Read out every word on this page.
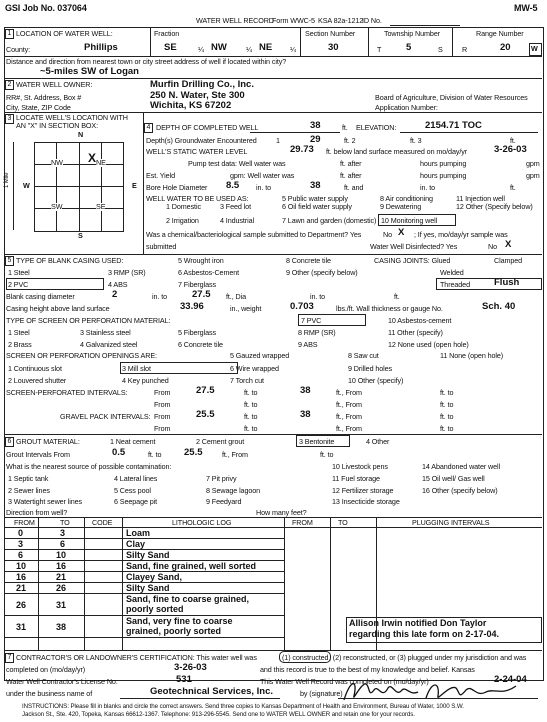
GSI Job No. 037064	MW-5
WATER WELL RECORD
Form WWC-5 KSA 82a-1212
ID No.
1 LOCATION OF WATER WELL:	Fraction	Section Number	Township Number	Range Number
County:	Phillips	SE	¼ NW	¼ NE ¼	30	T	5	S	R	20	W
Distance and direction from nearest town or city street address of well if located within city?
~5-miles SW of Logan
2 WATER WELL OWNER:	Murfin Drilling Co., Inc.
RR#, St. Address, Box #	250 N. Water, Ste 300
City, State, ZIP Code	Wichita, KS 67202
Board of Agriculture, Division of Water Resources
Application Number:
3 LOCATE WELL'S LOCATION WITH
AN "X" IN SECTION BOX:
N
S
W	E
1 Mile
NW	NE
SW	SE
X
4 DEPTH OF COMPLETED WELL	38	ft. ELEVATION:	2154.71 TOC
Depth(s) Groundwater Encountered	1	29	ft. 2	ft. 3	ft.
WELL'S STATIC WATER LEVEL	29.73 ft. below land surface measured on mo/day/yr	3-26-03
Pump test data: Well water was	ft. after	hours pumping	gpm
Est. Yield	gpm: Well water was	ft. after	hours pumping	gpm
Bore Hole Diameter 8.5 in. to	38	ft. and	in. to	ft.
WELL WATER TO BE USED AS:	5 Public water supply	8 Air conditioning	11 Injection well
1 Domestic	3 Feed lot	6 Oil field water supply	9 Dewatering	12 Other (Specify below)
2 Irrigation	4 Industrial	7 Lawn and garden (domestic) 10 Monitoring well
Was a chemical/bacteriological sample submitted to Department? Yes	No X ; If yes, mo/day/yr sample was
submitted	Water Well Disinfected? Yes	No X
5 TYPE OF BLANK CASING USED:	5 Wrought iron	8 Concrete tile	CASING JOINTS: Glued	Clamped
1 Steel	3 RMP (SR)	6 Asbestos-Cement	9 Other (specify below)	Welded
2 PVC	4 ABS	7 Fiberglass	Threaded	Flush
Blank casing diameter	2	in. to	27.5 ft., Dia	in. to	ft.
Casing height above land surface	33.96	in., weight	0.703	lbs./ft. Wall thickness or gauge No.	Sch. 40
TYPE OF SCREEN OR PERFORATION MATERIAL:	7 PVC	10 Asbestos-cement
1 Steel	3 Stainless steel	5 Fiberglass	8 RMP (SR)	11 Other (specify)
2 Brass	4 Galvanized steel	6 Concrete tile	9 ABS	12 None used (open hole)
SCREEN OR PERFORATION OPENINGS ARE:	5 Gauzed wrapped	8 Saw cut	11 None (open hole)
1 Continuous slot	3 Mill slot	6 Wire wrapped	9 Drilled holes
2 Louvered shutter	4 Key punched	7 Torch cut	10 Other (specify)
SCREEN-PERFORATED INTERVALS:	From	27.5	ft. to	38	ft., From	ft. to
From	ft. to	ft., From	ft. to
GRAVEL PACK INTERVALS: From	25.5	ft. to	38	ft., From	ft. to
From	ft. to	ft., From	ft. to
6 GROUT MATERIAL:	1 Neat cement	2 Cement grout	3 Bentonite	4 Other
Grout Intervals From	0.5	ft. to 25.5	ft., From	ft. to
What is the nearest source of possible contamination:	10 Livestock pens	14 Abandoned water well
1 Septic tank	4 Lateral lines	7 Pit privy	11 Fuel storage	15 Oil well/ Gas well
2 Sewer lines	5 Cess pool	8 Sewage lagoon	12 Fertilizer storage	16 Other (specify below)
3 Watertight sewer lines	6 Seepage pit	9 Feedyard	13 Insecticide storage
Direction from well?	How many feet?
FROM	TO	CODE	LITHOLOGIC LOG	FROM	TO	PLUGGING INTERVALS
0	3	Loam
3	6	Clay
6	10	Silty Sand
10	16	Sand, fine grained, well sorted
16	21	Clayey Sand,
21	26	Silty Sand
26	31
Sand, fine to coarse grained,
poorly sorted
31	38
Sand, very fine to coarse
grained, poorly sorted
Allison Irwin notified Don Taylor
regarding this late form on 2-17-04.
7 CONTRACTOR'S OR LANDOWNER'S CERTIFICATION: This water well was	(1) constructed , (2) reconstructed, or (3) plugged under my jurisdiction and was
completed on (mo/day/yr)	3-26-03	and this record is true to the best of my knowledge and belief. Kansas
Water Well Contractor's License No.	531	This Water Well Record was completed on (mo/day/yr)	2-24-04
under the business name of	Geotechnical Services, Inc.	by (signature)
INSTRUCTIONS: Please fill in blanks and circle the correct answers. Send three copies to Kansas Department of Health and Environment, Bureau of Water, 1000 S.W.
Jackson St., Ste. 420, Topeka, Kansas 66612-1367. Telephone: 913-296-5545. Send one to WATER WELL OWNER and retain one for your records.
